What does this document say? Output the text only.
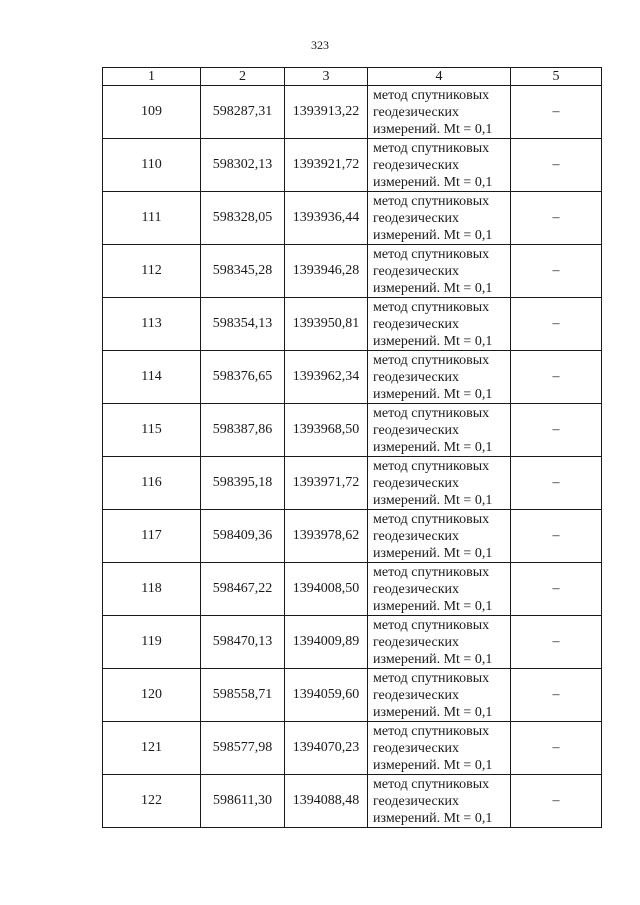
323
1	2	3	4	5
109	598287,31	1393913,22	метод спутниковых
геодезических
измерений. Mt = 0,1	–
110	598302,13	1393921,72	метод спутниковых
геодезических
измерений. Mt = 0,1	–
111	598328,05	1393936,44	метод спутниковых
геодезических
измерений. Mt = 0,1	–
112	598345,28	1393946,28	метод спутниковых
геодезических
измерений. Mt = 0,1	–
113	598354,13	1393950,81	метод спутниковых
геодезических
измерений. Mt = 0,1	–
114	598376,65	1393962,34	метод спутниковых
геодезических
измерений. Mt = 0,1	–
115	598387,86	1393968,50	метод спутниковых
геодезических
измерений. Mt = 0,1	–
116	598395,18	1393971,72	метод спутниковых
геодезических
измерений. Mt = 0,1	–
117	598409,36	1393978,62	метод спутниковых
геодезических
измерений. Mt = 0,1	–
118	598467,22	1394008,50	метод спутниковых
геодезических
измерений. Mt = 0,1	–
119	598470,13	1394009,89	метод спутниковых
геодезических
измерений. Mt = 0,1	–
120	598558,71	1394059,60	метод спутниковых
геодезических
измерений. Mt = 0,1	–
121	598577,98	1394070,23	метод спутниковых
геодезических
измерений. Mt = 0,1	–
122	598611,30	1394088,48	метод спутниковых
геодезических
измерений. Mt = 0,1	–
